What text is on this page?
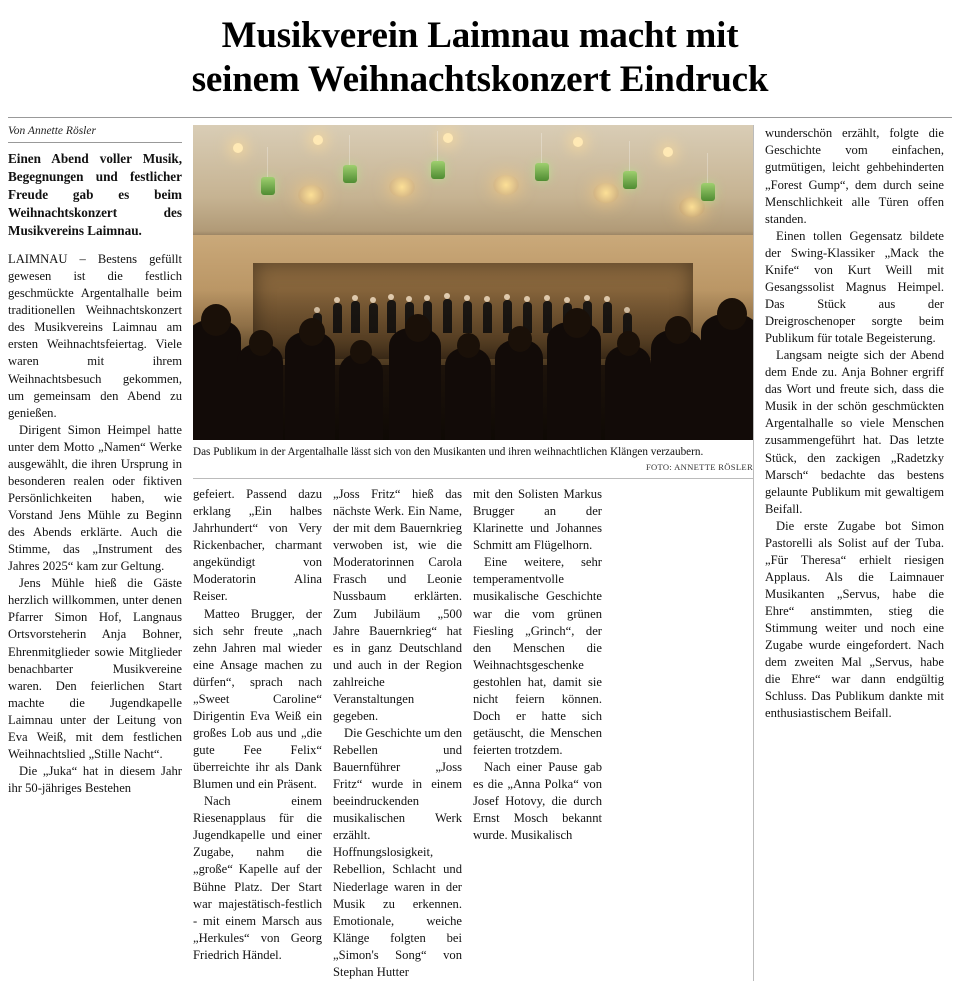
Musikverein Laimnau macht mit
seinem Weihnachtskonzert Eindruck
Von Annette Rösler
Einen Abend voller Musik, Begegnungen und festlicher Freude gab es beim Weihnachtskonzert des Musikvereins Laimnau.

LAIMNAU – Bestens gefüllt gewesen ist die festlich geschmückte Argentalhalle beim traditionellen Weihnachtskonzert des Musikvereins Laimnau am ersten Weihnachtsfeiertag. Viele waren mit ihrem Weihnachtsbesuch gekommen, um gemeinsam den Abend zu genießen.

Dirigent Simon Heimpel hatte unter dem Motto „Namen“ Werke ausgewählt, die ihren Ursprung in besonderen realen oder fiktiven Persönlichkeiten haben, wie Vorstand Jens Mühle zu Beginn des Abends erklärte. Auch die Stimme, das „Instrument des Jahres 2025“ kam zur Geltung.

Jens Mühle hieß die Gäste herzlich willkommen, unter denen Pfarrer Simon Hof, Langnaus Ortsvorsteherin Anja Bohner, Ehrenmitglieder sowie Mitglieder benachbarter Musikvereine waren. Den feierlichen Start machte die Jugendkapelle Laimnau unter der Leitung von Eva Weiß, mit dem festlichen Weihnachtslied „Stille Nacht“.

Die „Juka“ hat in diesem Jahr ihr 50-jähriges Bestehen

Das Publikum in der Argentalhalle lässt sich von den Musikanten und ihren weihnachtlichen Klängen verzaubern.
FOTO: ANNETTE RÖSLER

gefeiert. Passend dazu erklang „Ein halbes Jahrhundert“ von Very Rickenbacher, charmant angekündigt von Moderatorin Alina Reiser.

Matteo Brugger, der sich sehr freute „nach zehn Jahren mal wieder eine Ansage machen zu dürfen“, sprach nach „Sweet Caroline“ Dirigentin Eva Weiß ein großes Lob aus und „die gute Fee Felix“ überreichte ihr als Dank Blumen und ein Präsent.

Nach einem Riesenapplaus für die Jugendkapelle und einer Zugabe, nahm die „große“ Kapelle auf der Bühne Platz. Der Start war majestätisch-festlich - mit einem Marsch aus „Herkules“ von Georg Friedrich Händel.

„Joss Fritz“ hieß das nächste Werk. Ein Name, der mit dem Bauernkrieg verwoben ist, wie die Moderatorinnen Carola Frasch und Leonie Nussbaum erklärten. Zum Jubiläum „500 Jahre Bauernkrieg“ hat es in ganz Deutschland und auch in der Region zahlreiche Veranstaltungen gegeben.

Die Geschichte um den Rebellen und Bauernführer „Joss Fritz“ wurde in einem beeindruckenden musikalischen Werk erzählt. Hoffnungslosigkeit, Rebellion, Schlacht und Niederlage waren in der Musik zu erkennen. Emotionale, weiche Klänge folgten bei „Simon's Song“ von Stephan Hutter

mit den Solisten Markus Brugger an der Klarinette und Johannes Schmitt am Flügelhorn.

Eine weitere, sehr temperamentvolle musikalische Geschichte war die vom grünen Fiesling „Grinch“, der den Menschen die Weihnachtsgeschenke gestohlen hat, damit sie nicht feiern können. Doch er hatte sich getäuscht, die Menschen feierten trotzdem.

Nach einer Pause gab es die „Anna Polka“ von Josef Hotovy, die durch Ernst Mosch bekannt wurde. Musikalisch

wunderschön erzählt, folgte die Geschichte vom einfachen, gutmütigen, leicht gehbehinderten „Forest Gump“, dem durch seine Menschlichkeit alle Türen offen standen.

Einen tollen Gegensatz bildete der Swing-Klassiker „Mack the Knife“ von Kurt Weill mit Gesangssolist Magnus Heimpel. Das Stück aus der Dreigroschenoper sorgte beim Publikum für totale Begeisterung.

Langsam neigte sich der Abend dem Ende zu. Anja Bohner ergriff das Wort und freute sich, dass die Musik in der schön geschmückten Argentalhalle so viele Menschen zusammengeführt hat. Das letzte Stück, den zackigen „Radetzky Marsch“ bedachte das bestens gelaunte Publikum mit gewaltigem Beifall.

Die erste Zugabe bot Simon Pastorelli als Solist auf der Tuba. „Für Theresa“ erhielt riesigen Applaus. Als die Laimnauer Musikanten „Servus, habe die Ehre“ anstimmten, stieg die Stimmung weiter und noch eine Zugabe wurde eingefordert. Nach dem zweiten Mal „Servus, habe die Ehre“ war dann endgültig Schluss. Das Publikum dankte mit enthusiastischem Beifall.
